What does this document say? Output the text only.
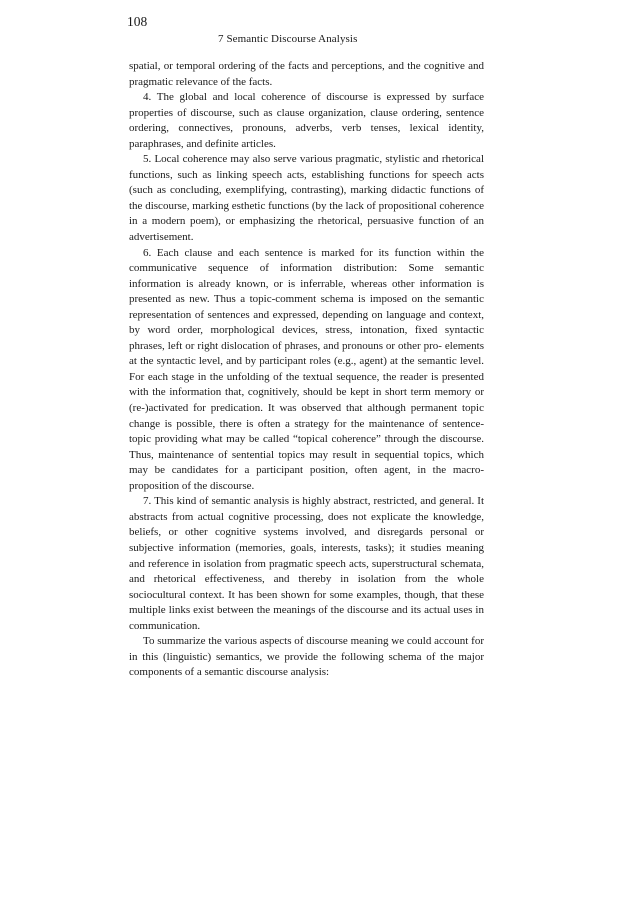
108
7 Semantic Discourse Analysis

spatial, or temporal ordering of the facts and perceptions, and the cognitive and pragmatic relevance of the facts.

4. The global and local coherence of discourse is expressed by surface properties of discourse, such as clause organization, clause ordering, sentence ordering, connectives, pronouns, adverbs, verb tenses, lexical identity, paraphrases, and definite articles.

5. Local coherence may also serve various pragmatic, stylistic and rhetorical functions, such as linking speech acts, establishing functions for speech acts (such as concluding, exemplifying, contrasting), marking didactic functions of the discourse, marking esthetic functions (by the lack of propositional coherence in a modern poem), or emphasizing the rhetorical, persuasive function of an advertisement.

6. Each clause and each sentence is marked for its function within the communicative sequence of information distribution: Some semantic information is already known, or is inferrable, whereas other information is presented as new. Thus a topic-comment schema is imposed on the semantic representation of sentences and expressed, depending on language and context, by word order, morphological devices, stress, intonation, fixed syntactic phrases, left or right dislocation of phrases, and pronouns or other pro- elements at the syntactic level, and by participant roles (e.g., agent) at the semantic level. For each stage in the unfolding of the textual sequence, the reader is presented with the information that, cognitively, should be kept in short term memory or (re-)activated for predication. It was observed that although permanent topic change is possible, there is often a strategy for the maintenance of sentence-topic providing what may be called “topical coherence” through the discourse. Thus, maintenance of sentential topics may result in sequential topics, which may be candidates for a participant position, often agent, in the macroproposition of the discourse.

7. This kind of semantic analysis is highly abstract, restricted, and general. It abstracts from actual cognitive processing, does not explicate the knowledge, beliefs, or other cognitive systems involved, and disregards personal or subjective information (memories, goals, interests, tasks); it studies meaning and reference in isolation from pragmatic speech acts, superstructural schemata, and rhetorical effectiveness, and thereby in isolation from the whole sociocultural context. It has been shown for some examples, though, that these multiple links exist between the meanings of the discourse and its actual uses in communication.

To summarize the various aspects of discourse meaning we could account for in this (linguistic) semantics, we provide the following schema of the major components of a semantic discourse analysis:
